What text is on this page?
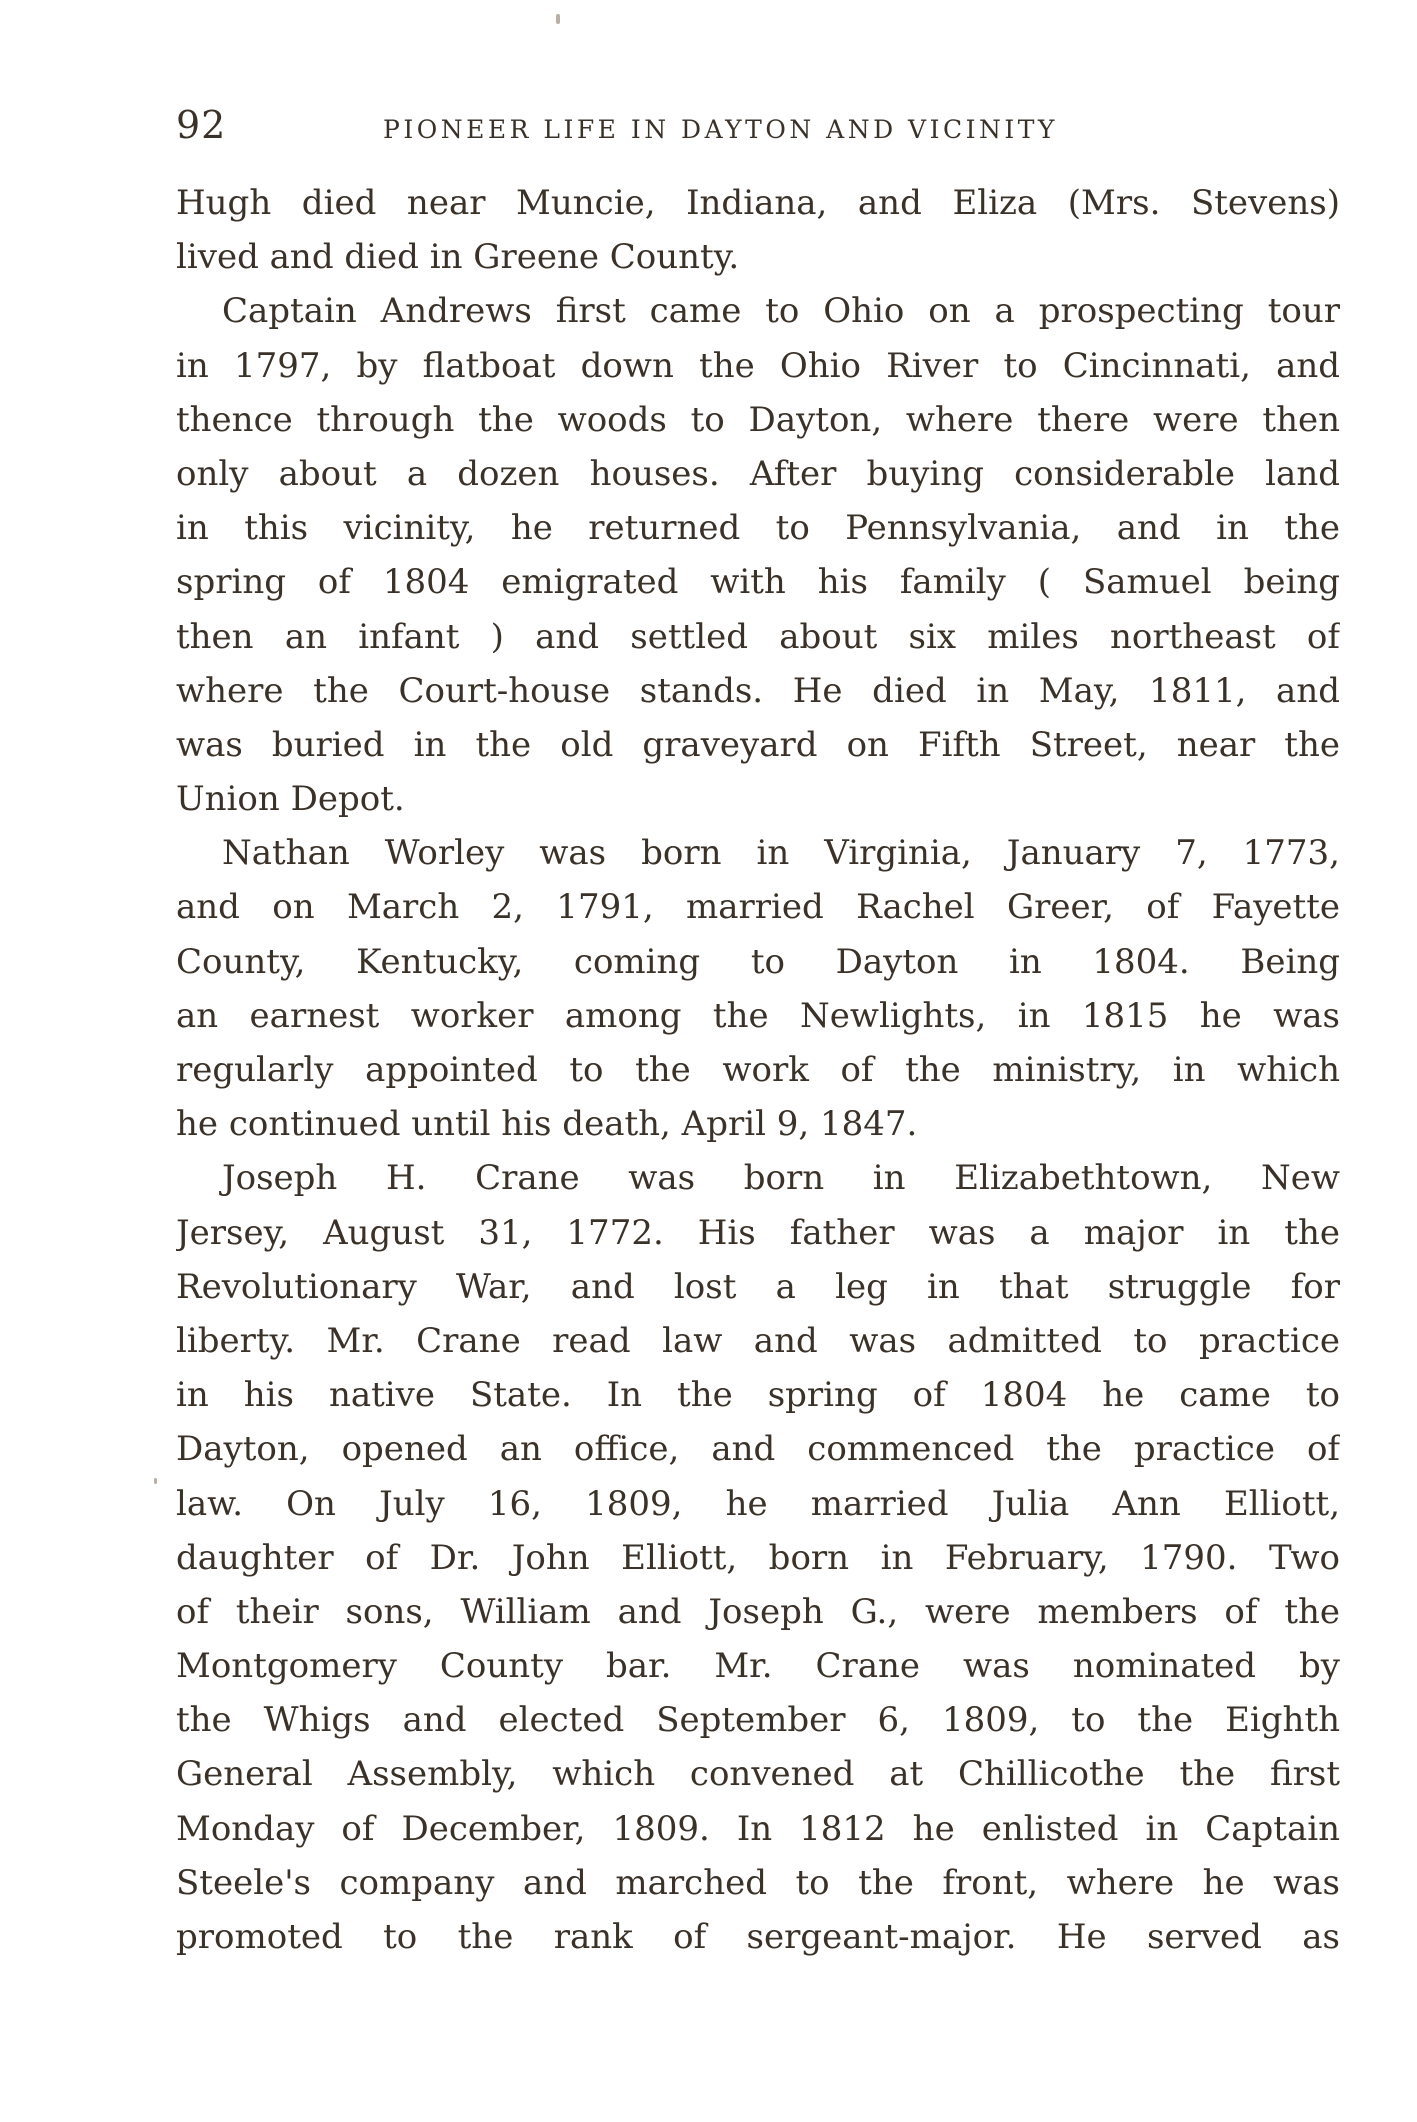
92	PIONEER LIFE IN DAYTON AND VICINITY
Hugh died near Muncie, Indiana, and Eliza (Mrs. Stevens)
lived and died in Greene County.
Captain Andrews first came to Ohio on a prospecting tour
in 1797, by flatboat down the Ohio River to Cincinnati, and
thence through the woods to Dayton, where there were then
only about a dozen houses. After buying considerable land
in this vicinity, he returned to Pennsylvania, and in the
spring of 1804 emigrated with his family ( Samuel being
then an infant ) and settled about six miles northeast of
where the Court-house stands. He died in May, 1811, and
was buried in the old graveyard on Fifth Street, near the
Union Depot.
Nathan Worley was born in Virginia, January 7, 1773,
and on March 2, 1791, married Rachel Greer, of Fayette
County, Kentucky, coming to Dayton in 1804. Being
an earnest worker among the Newlights, in 1815 he was
regularly appointed to the work of the ministry, in which
he continued until his death, April 9, 1847.
Joseph H. Crane was born in Elizabethtown, New
Jersey, August 31, 1772. His father was a major in the
Revolutionary War, and lost a leg in that struggle for
liberty. Mr. Crane read law and was admitted to practice
in his native State. In the spring of 1804 he came to
Dayton, opened an office, and commenced the practice of
law. On July 16, 1809, he married Julia Ann Elliott,
daughter of Dr. John Elliott, born in February, 1790. Two
of their sons, William and Joseph G., were members of the
Montgomery County bar. Mr. Crane was nominated by
the Whigs and elected September 6, 1809, to the Eighth
General Assembly, which convened at Chillicothe the first
Monday of December, 1809. In 1812 he enlisted in Captain
Steele's company and marched to the front, where he was
promoted to the rank of sergeant-major. He served as
